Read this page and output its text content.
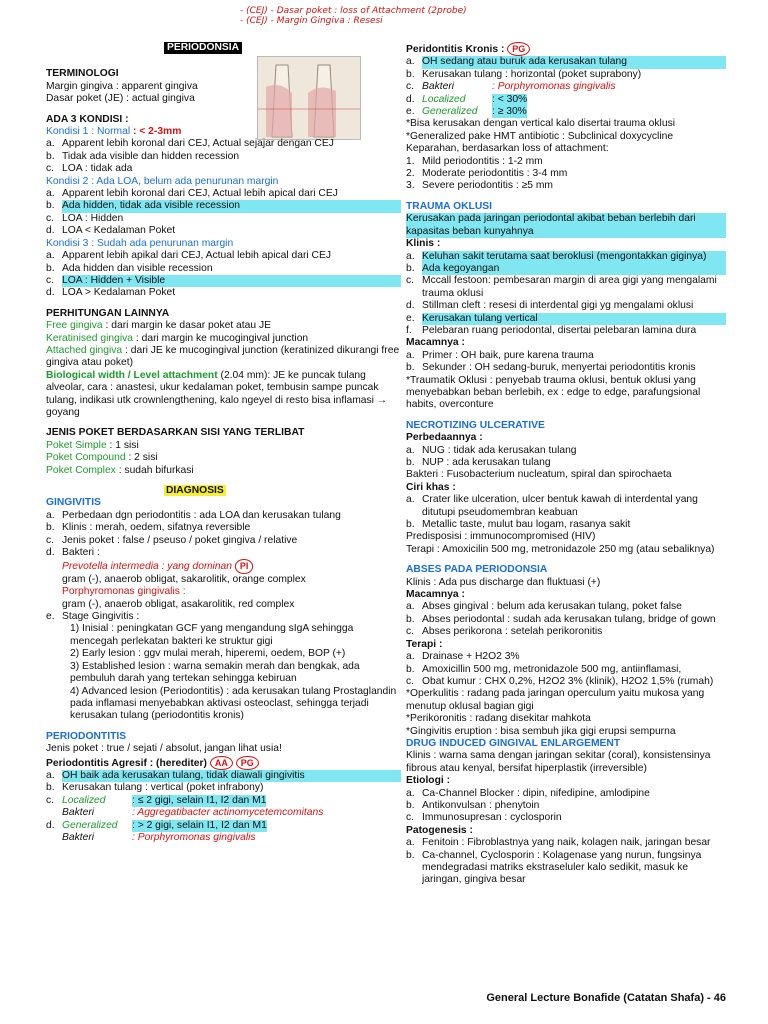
- (CEJ) - Dasar poket : loss of Attachment (2probe)
- (CEJ) - Margin Gingiva : Resesi
PERIODONSIA
TERMINOLOGI
Margin gingiva : apparent gingiva
Dasar poket (JE) : actual gingiva
ADA 3 KONDISI :
Kondisi 1 : Normal : < 2-3mm
a. Apparent lebih koronal dari CEJ, Actual sejajar dengan CEJ
b. Tidak ada visible dan hidden recession
c. LOA : tidak ada
Kondisi 2 : Ada LOA, belum ada penurunan margin
a. Apparent lebih koronal dari CEJ, Actual lebih apical dari CEJ
b. Ada hidden, tidak ada visible recession
c. LOA : Hidden
d. LOA < Kedalaman Poket
Kondisi 3 : Sudah ada penurunan margin
a. Apparent lebih apikal dari CEJ, Actual lebih apical dari CEJ
b. Ada hidden dan visible recession
c. LOA : Hidden + Visible
d. LOA > Kedalaman Poket
PERHITUNGAN LAINNYA
Free gingiva : dari margin ke dasar poket atau JE
Keratinised gingiva : dari margin ke mucogingival junction
Attached gingiva : dari JE ke mucogingival junction (keratinized dikurangi free gingiva atau poket)
Biological width / Level attachment (2.04 mm): JE ke puncak tulang alveolar, cara : anastesi, ukur kedalaman poket, tembusin sampe puncak tulang, indikasi utk crownlengthening, kalo ngeyel di resto bisa inflamasi → goyang
JENIS POKET BERDASARKAN SISI YANG TERLIBAT
Poket Simple : 1 sisi
Poket Compound : 2 sisi
Poket Complex : sudah bifurkasi
DIAGNOSIS
GINGIVITIS
a. Perbedaan dgn periodontitis : ada LOA dan kerusakan tulang
b. Klinis : merah, oedem, sifatnya reversible
c. Jenis poket : false / pseuso / poket gingiva / relative
d. Bakteri :
Prevotella intermedia : yang dominan PI
gram (-), anaerob obligat, sakarolitik, orange complex
Porphyromonas gingivalis :
gram (-), anaerob obligat, asakarolitik, red complex
e. Stage Gingivitis :
1) Inisial : peningkatan GCF yang mengandung sIgA sehingga mencegah perlekatan bakteri ke struktur gigi
2) Early lesion : ggv mulai merah, hiperemi, oedem, BOP (+)
3) Established lesion : warna semakin merah dan bengkak, ada pembuluh darah yang tertekan sehingga kebiruan
4) Advanced lesion (Periodontitis) : ada kerusakan tulang Prostaglandin pada inflamasi menyebabkan aktivasi osteoclast, sehingga terjadi kerusakan tulang (periodontitis kronis)
PERIODONTITIS
Jenis poket : true / sejati / absolut, jangan lihat usia!
Periodontitis Agresif : (herediter) AA PG
a. OH baik ada kerusakan tulang, tidak diawali gingivitis
b. Kerusakan tulang : vertical (poket infrabony)
c. Localized	: ≤ 2 gigi, selain I1, I2 dan M1
Bakteri	: Aggregatibacter actinomycetemcomitans
d. Generalized	: > 2 gigi, selain I1, I2 dan M1
Bakteri	: Porphyromonas gingivalis
Peridontitis Kronis : PG
a. OH sedang atau buruk ada kerusakan tulang
b. Kerusakan tulang : horizontal (poket suprabony)
c. Bakteri	: Porphyromonas gingivalis
d. Localized	: < 30%
e. Generalized	: ≥ 30%
*Bisa kerusakan dengan vertical kalo disertai trauma oklusi
*Generalized pake HMT antibiotic : Subclinical doxycycline
Keparahan, berdasarkan loss of attachment:
1. Mild periodontitis : 1-2 mm
2. Moderate periodontitis : 3-4 mm
3. Severe periodontitis : ≥5 mm
TRAUMA OKLUSI
Kerusakan pada jaringan periodontal akibat beban berlebih dari kapasitas beban kunyahnya
Klinis :
a. Keluhan sakit terutama saat beroklusi (mengontakkan giginya)
b. Ada kegoyangan
c. Mccall festoon: pembesaran margin di area gigi yang mengalami trauma oklusi
d. Stillman cleft : resesi di interdental gigi yg mengalami oklusi
e. Kerusakan tulang vertical
f. Pelebaran ruang periodontal, disertai pelebaran lamina dura
Macamnya :
a. Primer : OH baik, pure karena trauma
b. Sekunder : OH sedang-buruk, menyertai periodontitis kronis
*Traumatik Oklusi : penyebab trauma oklusi, bentuk oklusi yang menyebabkan beban berlebih, ex : edge to edge, parafungsional habits, overconture
NECROTIZING ULCERATIVE
Perbedaannya :
a. NUG : tidak ada kerusakan tulang
b. NUP : ada kerusakan tulang
Bakteri : Fusobacterium nucleatum, spiral dan spirochaeta
Ciri khas :
a. Crater like ulceration, ulcer bentuk kawah di interdental yang ditutupi pseudomembran keabuan
b. Metallic taste, mulut bau logam, rasanya sakit
Predisposisi : immunocompromised (HIV)
Terapi : Amoxicilin 500 mg, metronidazole 250 mg (atau sebaliknya)
ABSES PADA PERIODONSIA
Klinis : Ada pus discharge dan fluktuasi (+)
Macamnya :
a. Abses gingival : belum ada kerusakan tulang, poket false
b. Abses periodontal : sudah ada kerusakan tulang, bridge of gown
c. Abses perikorona : setelah perikoronitis
Terapi :
a. Drainase + H2O2 3%
b. Amoxicillin 500 mg, metronidazole 500 mg, antiinflamasi,
c. Obat kumur : CHX 0,2%, H2O2 3% (klinik), H2O2 1,5% (rumah)
*Operkulitis : radang pada jaringan operculum yaitu mukosa yang menutup oklusal bagian gigi
*Perikoronitis : radang disekitar mahkota
*Gingivitis eruption : bisa sembuh jika gigi erupsi sempurna
DRUG INDUCED GINGIVAL ENLARGEMENT
Klinis : warna sama dengan jaringan sekitar (coral), konsistensinya fibrous atau kenyal, bersifat hiperplastik (irreversible)
Etiologi :
a. Ca-Channel Blocker : dipin, nifedipine, amlodipine
b. Antikonvulsan : phenytoin
c. Immunosupresan : cyclosporin
Patogenesis :
a. Fenitoin : Fibroblastnya yang naik, kolagen naik, jaringan besar
b. Ca-channel, Cyclosporin : Kolagenase yang nurun, fungsinya mendegradasi matriks ekstraseluler kalo sedikit, masuk ke jaringan, gingiva besar
General Lecture Bonafide (Catatan Shafa) - 46
